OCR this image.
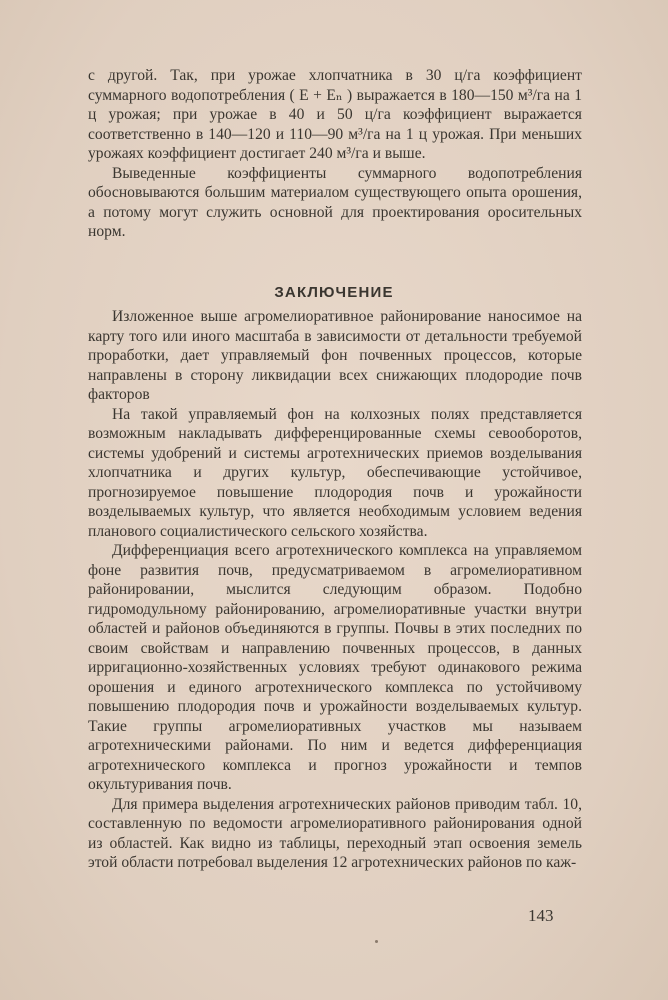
с другой. Так, при урожае хлопчатника в 30 ц/га коэффициент суммарного водопотребления ( E + Eₙ ) выражается в 180—150 м³/га на 1 ц урожая; при урожае в 40 и 50 ц/га коэффициент выражается соответственно в 140—120 и 110—90 м³/га на 1 ц урожая. При меньших урожаях коэффициент достигает 240 м³/га и выше.

Выведенные коэффициенты суммарного водопотребления обосновываются большим материалом существующего опыта орошения, а потому могут служить основной для проектирования оросительных норм.

ЗАКЛЮЧЕНИЕ

Изложенное выше агромелиоративное районирование наносимое на карту того или иного масштаба в зависимости от детальности требуемой проработки, дает управляемый фон почвенных процессов, которые направлены в сторону ликвидации всех снижающих плодородие почв факторов

На такой управляемый фон на колхозных полях представляется возможным накладывать дифференцированные схемы севооборотов, системы удобрений и системы агротехнических приемов возделывания хлопчатника и других культур, обеспечивающие устойчивое, прогнозируемое повышение плодородия почв и урожайности возделываемых культур, что является необходимым условием ведения планового социалистического сельского хозяйства.

Дифференциация всего агротехнического комплекса на управляемом фоне развития почв, предусматриваемом в агромелиоративном районировании, мыслится следующим образом. Подобно гидромодульному районированию, агромелиоративные участки внутри областей и районов объединяются в группы. Почвы в этих последних по своим свойствам и направлению почвенных процессов, в данных ирригационно-хозяйственных условиях требуют одинакового режима орошения и единого агротехнического комплекса по устойчивому повышению плодородия почв и урожайности возделываемых культур. Такие группы агромелиоративных участков мы называем агротехническими районами. По ним и ведется дифференциация агротехнического комплекса и прогноз урожайности и темпов окультуривания почв.

Для примера выделения агротехнических районов приводим табл. 10, составленную по ведомости агромелиоративного районирования одной из областей. Как видно из таблицы, переходный этап освоения земель этой области потребовал выделения 12 агротехнических районов по каж-

143
